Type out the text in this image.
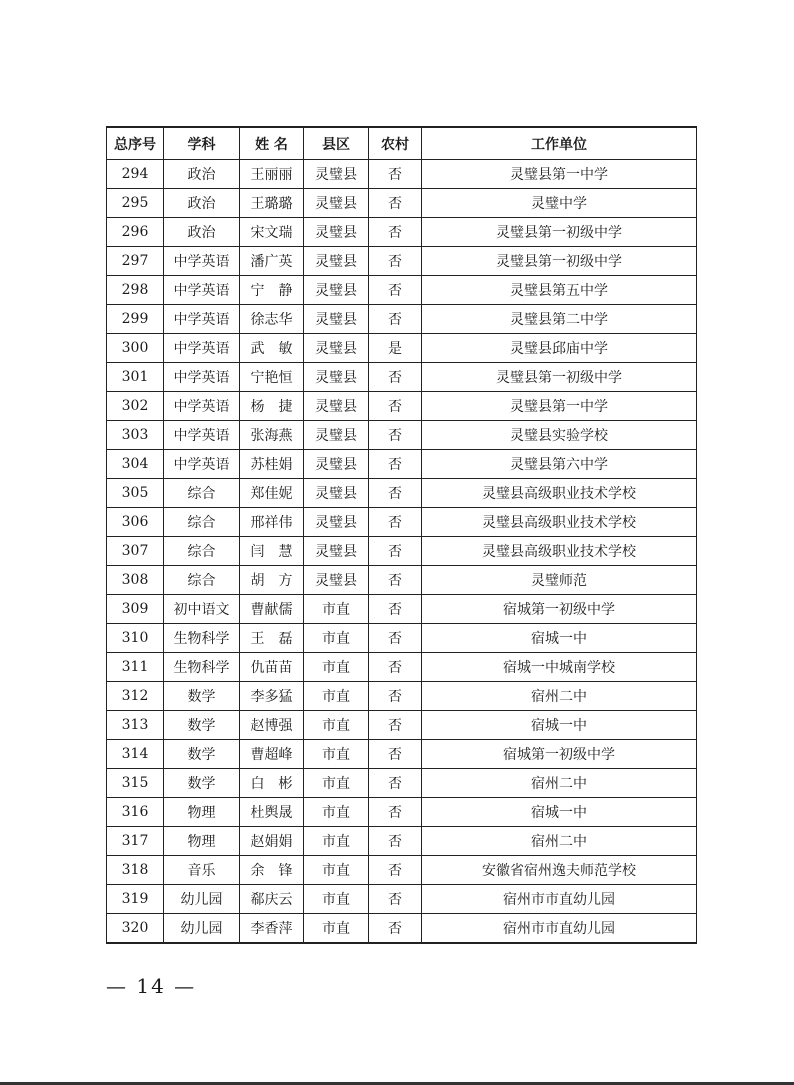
总序号	学科	姓 名	县区	农村	工作单位
294	政治	王丽丽	灵璧县	否	灵璧县第一中学
295	政治	王璐璐	灵璧县	否	灵璧中学
296	政治	宋文瑞	灵璧县	否	灵璧县第一初级中学
297	中学英语	潘广英	灵璧县	否	灵璧县第一初级中学
298	中学英语	宁　静	灵璧县	否	灵璧县第五中学
299	中学英语	徐志华	灵璧县	否	灵璧县第二中学
300	中学英语	武　敏	灵璧县	是	灵璧县邱庙中学
301	中学英语	宁艳恒	灵璧县	否	灵璧县第一初级中学
302	中学英语	杨　捷	灵璧县	否	灵璧县第一中学
303	中学英语	张海燕	灵璧县	否	灵璧县实验学校
304	中学英语	苏桂娟	灵璧县	否	灵璧县第六中学
305	综合	郑佳妮	灵璧县	否	灵璧县高级职业技术学校
306	综合	邢祥伟	灵璧县	否	灵璧县高级职业技术学校
307	综合	闫　慧	灵璧县	否	灵璧县高级职业技术学校
308	综合	胡　方	灵璧县	否	灵璧师范
309	初中语文	曹献儒	市直	否	宿城第一初级中学
310	生物科学	王　磊	市直	否	宿城一中
311	生物科学	仇苗苗	市直	否	宿城一中城南学校
312	数学	李多猛	市直	否	宿州二中
313	数学	赵博强	市直	否	宿城一中
314	数学	曹超峰	市直	否	宿城第一初级中学
315	数学	白　彬	市直	否	宿州二中
316	物理	杜舆晟	市直	否	宿城一中
317	物理	赵娟娟	市直	否	宿州二中
318	音乐	余　锋	市直	否	安徽省宿州逸夫师范学校
319	幼儿园	郗庆云	市直	否	宿州市市直幼儿园
320	幼儿园	李香萍	市直	否	宿州市市直幼儿园
— 14 —
